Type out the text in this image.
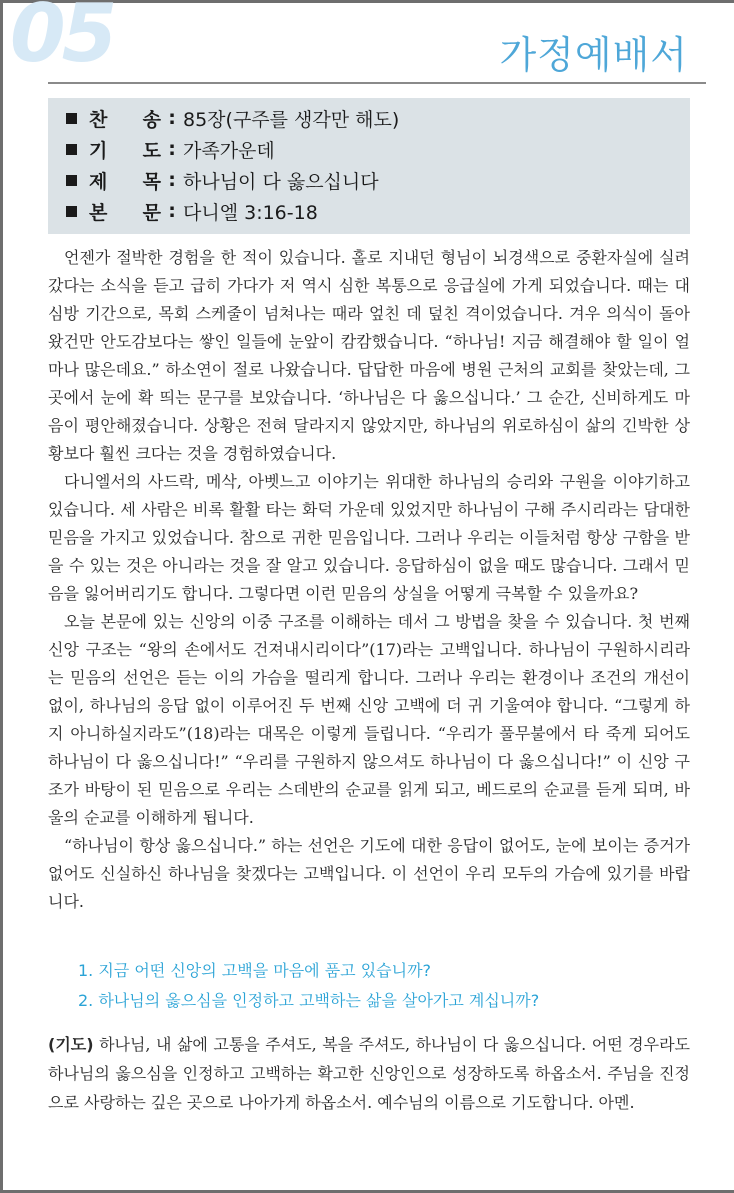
05	가정예배서
찬 송 : 85장(구주를 생각만 해도)
기 도 : 가족가운데
제 목 : 하나님이 다 옳으십니다
본 문 : 다니엘 3:16-18

언젠가 절박한 경험을 한 적이 있습니다. 홀로 지내던 형님이 뇌경색으로 중환자실에 실려 갔다는 소식을 듣고 급히 가다가 저 역시 심한 복통으로 응급실에 가게 되었습니다. 때는 대심방 기간으로, 목회 스케줄이 넘쳐나는 때라 엎친 데 덮친 격이었습니다. 겨우 의식이 돌아왔건만 안도감보다는 쌓인 일들에 눈앞이 캄캄했습니다. “하나님! 지금 해결해야 할 일이 얼마나 많은데요.” 하소연이 절로 나왔습니다. 답답한 마음에 병원 근처의 교회를 찾았는데, 그곳에서 눈에 확 띄는 문구를 보았습니다. ‘하나님은 다 옳으십니다.’ 그 순간, 신비하게도 마음이 평안해졌습니다. 상황은 전혀 달라지지 않았지만, 하나님의 위로하심이 삶의 긴박한 상황보다 훨씬 크다는 것을 경험하였습니다.

다니엘서의 사드락, 메삭, 아벳느고 이야기는 위대한 하나님의 승리와 구원을 이야기하고 있습니다. 세 사람은 비록 활활 타는 화덕 가운데 있었지만 하나님이 구해 주시리라는 담대한 믿음을 가지고 있었습니다. 참으로 귀한 믿음입니다. 그러나 우리는 이들처럼 항상 구함을 받을 수 있는 것은 아니라는 것을 잘 알고 있습니다. 응답하심이 없을 때도 많습니다. 그래서 믿음을 잃어버리기도 합니다. 그렇다면 이런 믿음의 상실을 어떻게 극복할 수 있을까요?

오늘 본문에 있는 신앙의 이중 구조를 이해하는 데서 그 방법을 찾을 수 있습니다. 첫 번째 신앙 구조는 “왕의 손에서도 건져내시리이다”(17)라는 고백입니다. 하나님이 구원하시리라는 믿음의 선언은 듣는 이의 가슴을 떨리게 합니다. 그러나 우리는 환경이나 조건의 개선이 없이, 하나님의 응답 없이 이루어진 두 번째 신앙 고백에 더 귀 기울여야 합니다. “그렇게 하지 아니하실지라도”(18)라는 대목은 이렇게 들립니다. “우리가 풀무불에서 타 죽게 되어도 하나님이 다 옳으십니다!” “우리를 구원하지 않으셔도 하나님이 다 옳으십니다!” 이 신앙 구조가 바탕이 된 믿음으로 우리는 스데반의 순교를 읽게 되고, 베드로의 순교를 듣게 되며, 바울의 순교를 이해하게 됩니다.

“하나님이 항상 옳으십니다.” 하는 선언은 기도에 대한 응답이 없어도, 눈에 보이는 증거가 없어도 신실하신 하나님을 찾겠다는 고백입니다. 이 선언이 우리 모두의 가슴에 있기를 바랍니다.

1. 지금 어떤 신앙의 고백을 마음에 품고 있습니까?
2. 하나님의 옳으심을 인정하고 고백하는 삶을 살아가고 계십니까?
(기도) 하나님, 내 삶에 고통을 주셔도, 복을 주셔도, 하나님이 다 옳으십니다. 어떤 경우라도 하나님의 옳으심을 인정하고 고백하는 확고한 신앙인으로 성장하도록 하옵소서. 주님을 진정으로 사랑하는 깊은 곳으로 나아가게 하옵소서. 예수님의 이름으로 기도합니다. 아멘.
